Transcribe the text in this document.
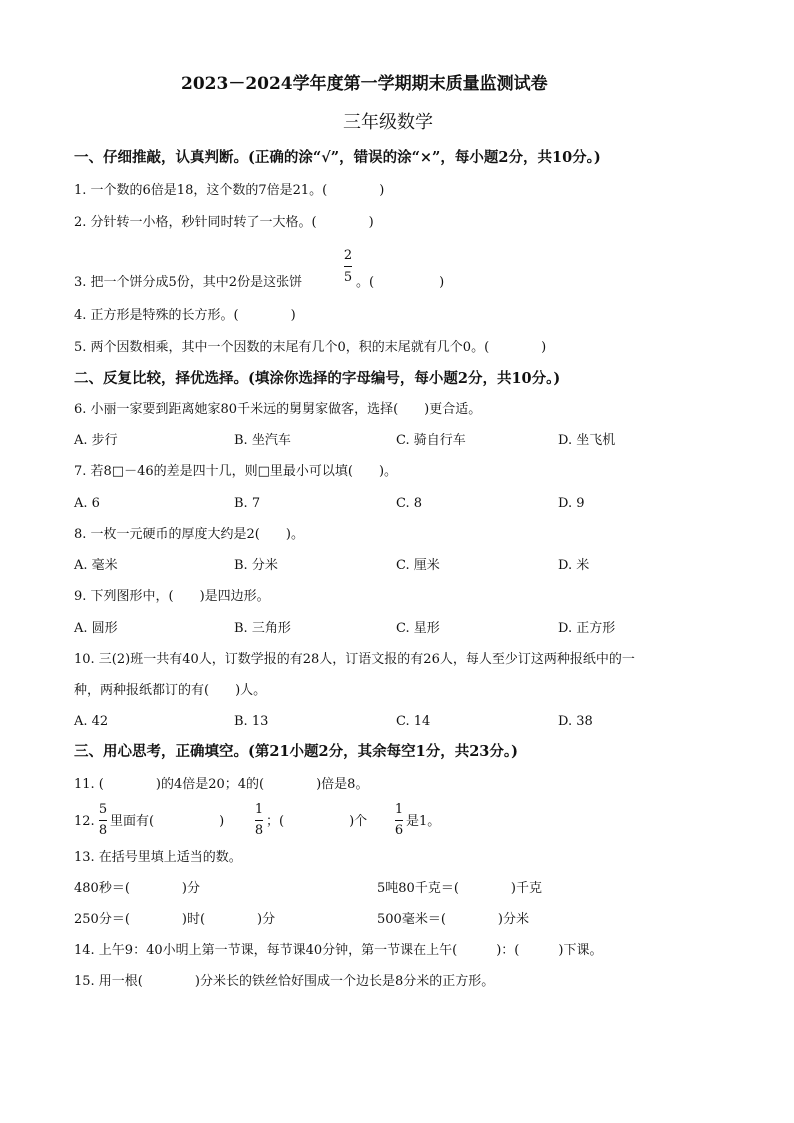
2023－2024学年度第一学期期末质量监测试卷
三年级数学
一、仔细推敲，认真判断。(正确的涂“√”，错误的涂“×”，每小题2分，共10分。)
1. 一个数的6倍是18，这个数的7倍是21。(　　　　)
2. 分针转一小格，秒针同时转了一大格。(　　　　)
3. 把一个饼分成5份，其中2份是这张饼
2
5 。(　　　　　)
4. 正方形是特殊的长方形。(　　　　)
5. 两个因数相乘，其中一个因数的末尾有几个0，积的末尾就有几个0。(　　　　)
二、反复比较，择优选择。(填涂你选择的字母编号，每小题2分，共10分。)
6. 小丽一家要到距离她家80千米远的舅舅家做客，选择(　　)更合适。
A. 步行	B. 坐汽车	C. 骑自行车	D. 坐飞机
7. 若8□－46的差是四十几，则□里最小可以填(　　)。
A. 6	B. 7	C. 8	D. 9
8. 一枚一元硬币的厚度大约是2(　　)。
A. 毫米	B. 分米	C. 厘米	D. 米
9. 下列图形中，(　　)是四边形。
A. 圆形	B. 三角形	C. 星形	D. 正方形
10. 三(2)班一共有40人，订数学报的有28人，订语文报的有26人，每人至少订这两种报纸中的一
种，两种报纸都订的有(　　)人。
A. 42	B. 13	C. 14	D. 38
三、用心思考，正确填空。(第21小题2分，其余每空1分，共23分。)
11. (　　　　)的4倍是20；4的(　　　　)倍是8。
12.
5
8
里面有(　　　　　)
1
8
；(　　　　　)个
1
6
是1。
13. 在括号里填上适当的数。
480秒＝(　　　　)分	5吨80千克＝(　　　　)千克
250分＝(　　　　)时(　　　　)分	500毫米＝(　　　　)分米
14. 上午9：40小明上第一节课，每节课40分钟，第一节课在上午(　　　)：(　　　)下课。
15. 用一根(　　　　)分米长的铁丝恰好围成一个边长是8分米的正方形。
